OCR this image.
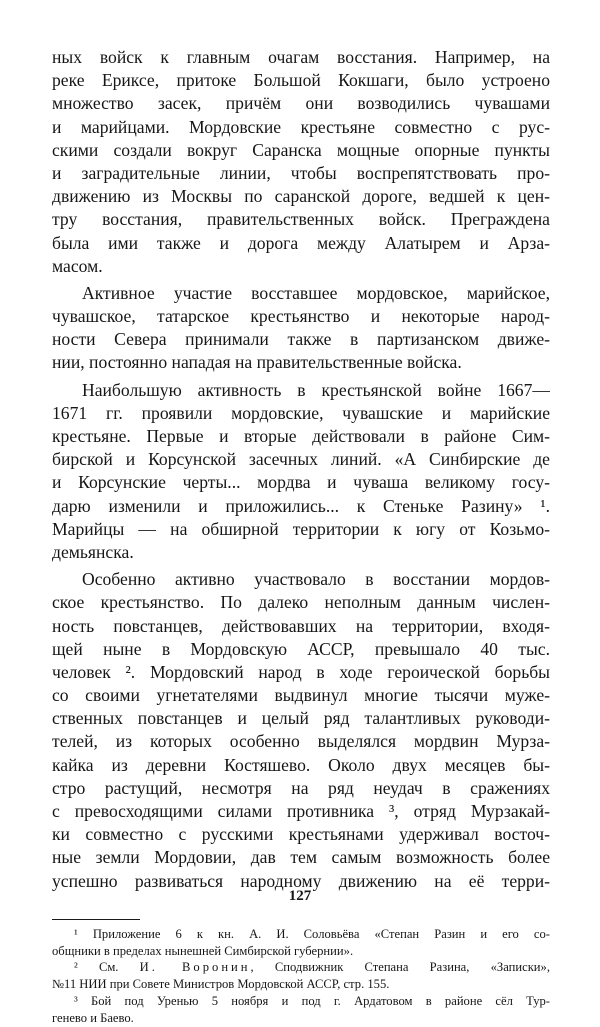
ных войск к главным очагам восстания. Например, на
реке Ериксе, притоке Большой Кокшаги, было устроено
множество засек, причём они возводились чувашами
и марийцами. Мордовские крестьяне совместно с рус-
скими создали вокруг Саранска мощные опорные пункты
и заградительные линии, чтобы воспрепятствовать про-
движению из Москвы по саранской дороге, ведшей к цен-
тру восстания, правительственных войск. Преграждена
была ими также и дорога между Алатырем и Арза-
масом.
Активное участие восставшее мордовское, марийское,
чувашское, татарское крестьянство и некоторые народ-
ности Севера принимали также в партизанском движе-
нии, постоянно нападая на правительственные войска.
Наибольшую активность в крестьянской войне 1667—
1671 гг. проявили мордовские, чувашские и марийские
крестьяне. Первые и вторые действовали в районе Сим-
бирской и Корсунской засечных линий. «А Синбирские де
и Корсунские черты... мордва и чуваша великому госу-
дарю изменили и приложились... к Стеньке Разину» ¹.
Марийцы — на обширной территории к югу от Козьмо-
демьянска.
Особенно активно участвовало в восстании мордов-
ское крестьянство. По далеко неполным данным числен-
ность повстанцев, действовавших на территории, входя-
щей ныне в Мордовскую АССР, превышало 40 тыс.
человек ². Мордовский народ в ходе героической борьбы
со своими угнетателями выдвинул многие тысячи муже-
ственных повстанцев и целый ряд талантливых руководи-
телей, из которых особенно выделялся мордвин Мурза-
кайка из деревни Костяшево. Около двух месяцев бы-
стро растущий, несмотря на ряд неудач в сражениях
с превосходящими силами противника ³, отряд Мурзакай-
ки совместно с русскими крестьянами удерживал восточ-
ные земли Мордовии, дав тем самым возможность более
успешно развиваться народному движению на её терри-
¹ Приложение 6 к кн. А. И. Соловьёва «Степан Разин и его со-
общники в пределах нынешней Симбирской губернии».
² См. И. Воронин, Сподвижник Степана Разина, «Записки»,
№11 НИИ при Совете Министров Мордовской АССР, стр. 155.
³ Бой под Уренью 5 ноября и под г. Ардатовом в районе сёл Тур-
генево и Баево.
127
